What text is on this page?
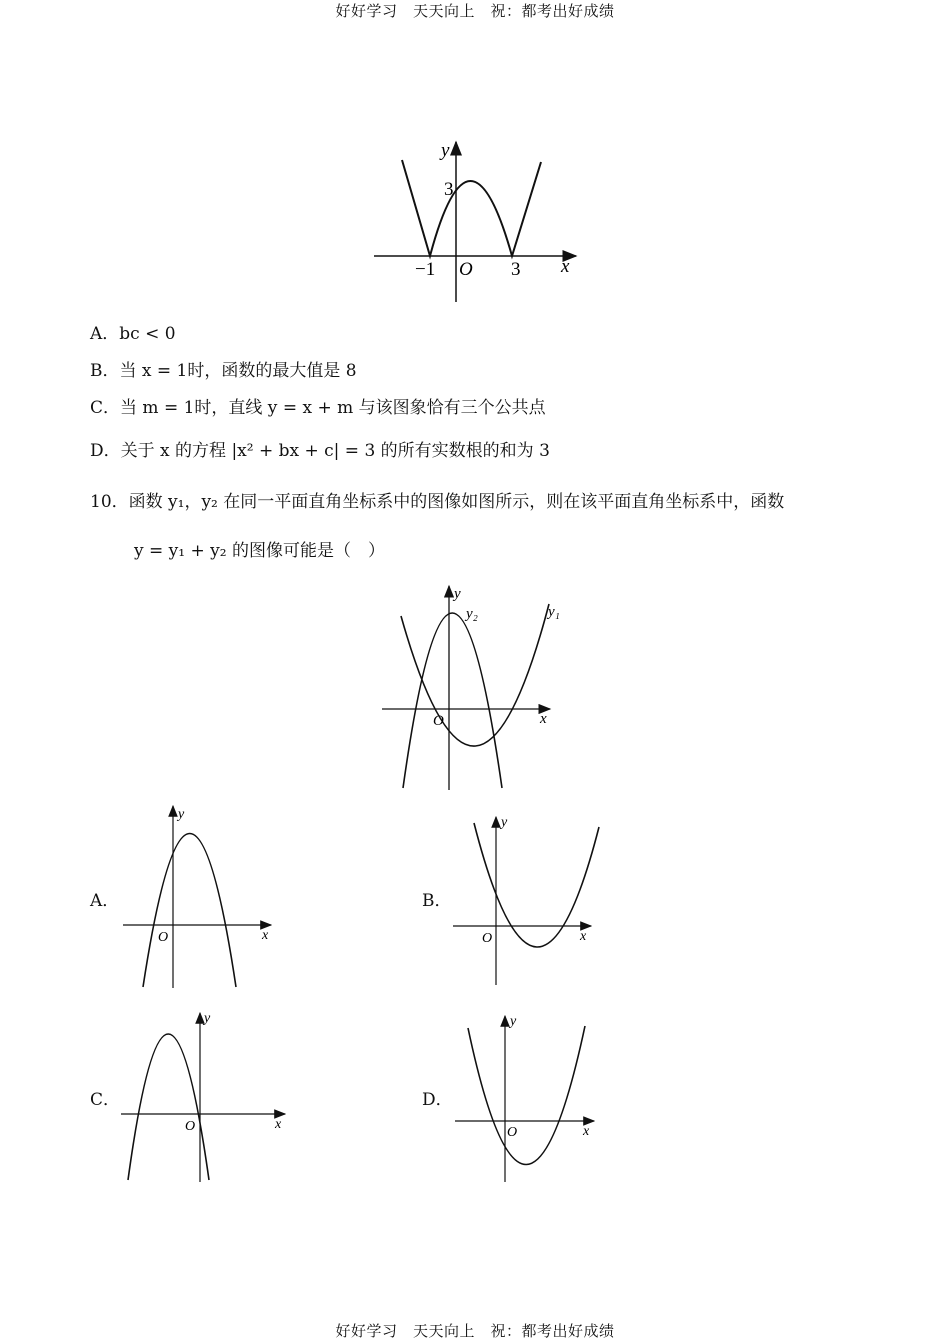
好好学习　天天向上　祝：都考出好成绩
y
x
3
−1 O 3
A．bc < 0
B．当 x = 1时，函数的最大值是 8
C．当 m = 1时，直线 y = x + m 与该图象恰有三个公共点
D．关于 x 的方程 |x² + bx + c| = 3 的所有实数根的和为 3
10．函数 y₁，y₂ 在同一平面直角坐标系中的图像如图所示，则在该平面直角坐标系中，函数
y = y₁ + y₂ 的图像可能是（　）
y
y₂	y₁
x
O
A．	B．
C．	D．
y
x
O
y
x
O
y
x
O
y
x
O
好好学习　天天向上　祝：都考出好成绩
